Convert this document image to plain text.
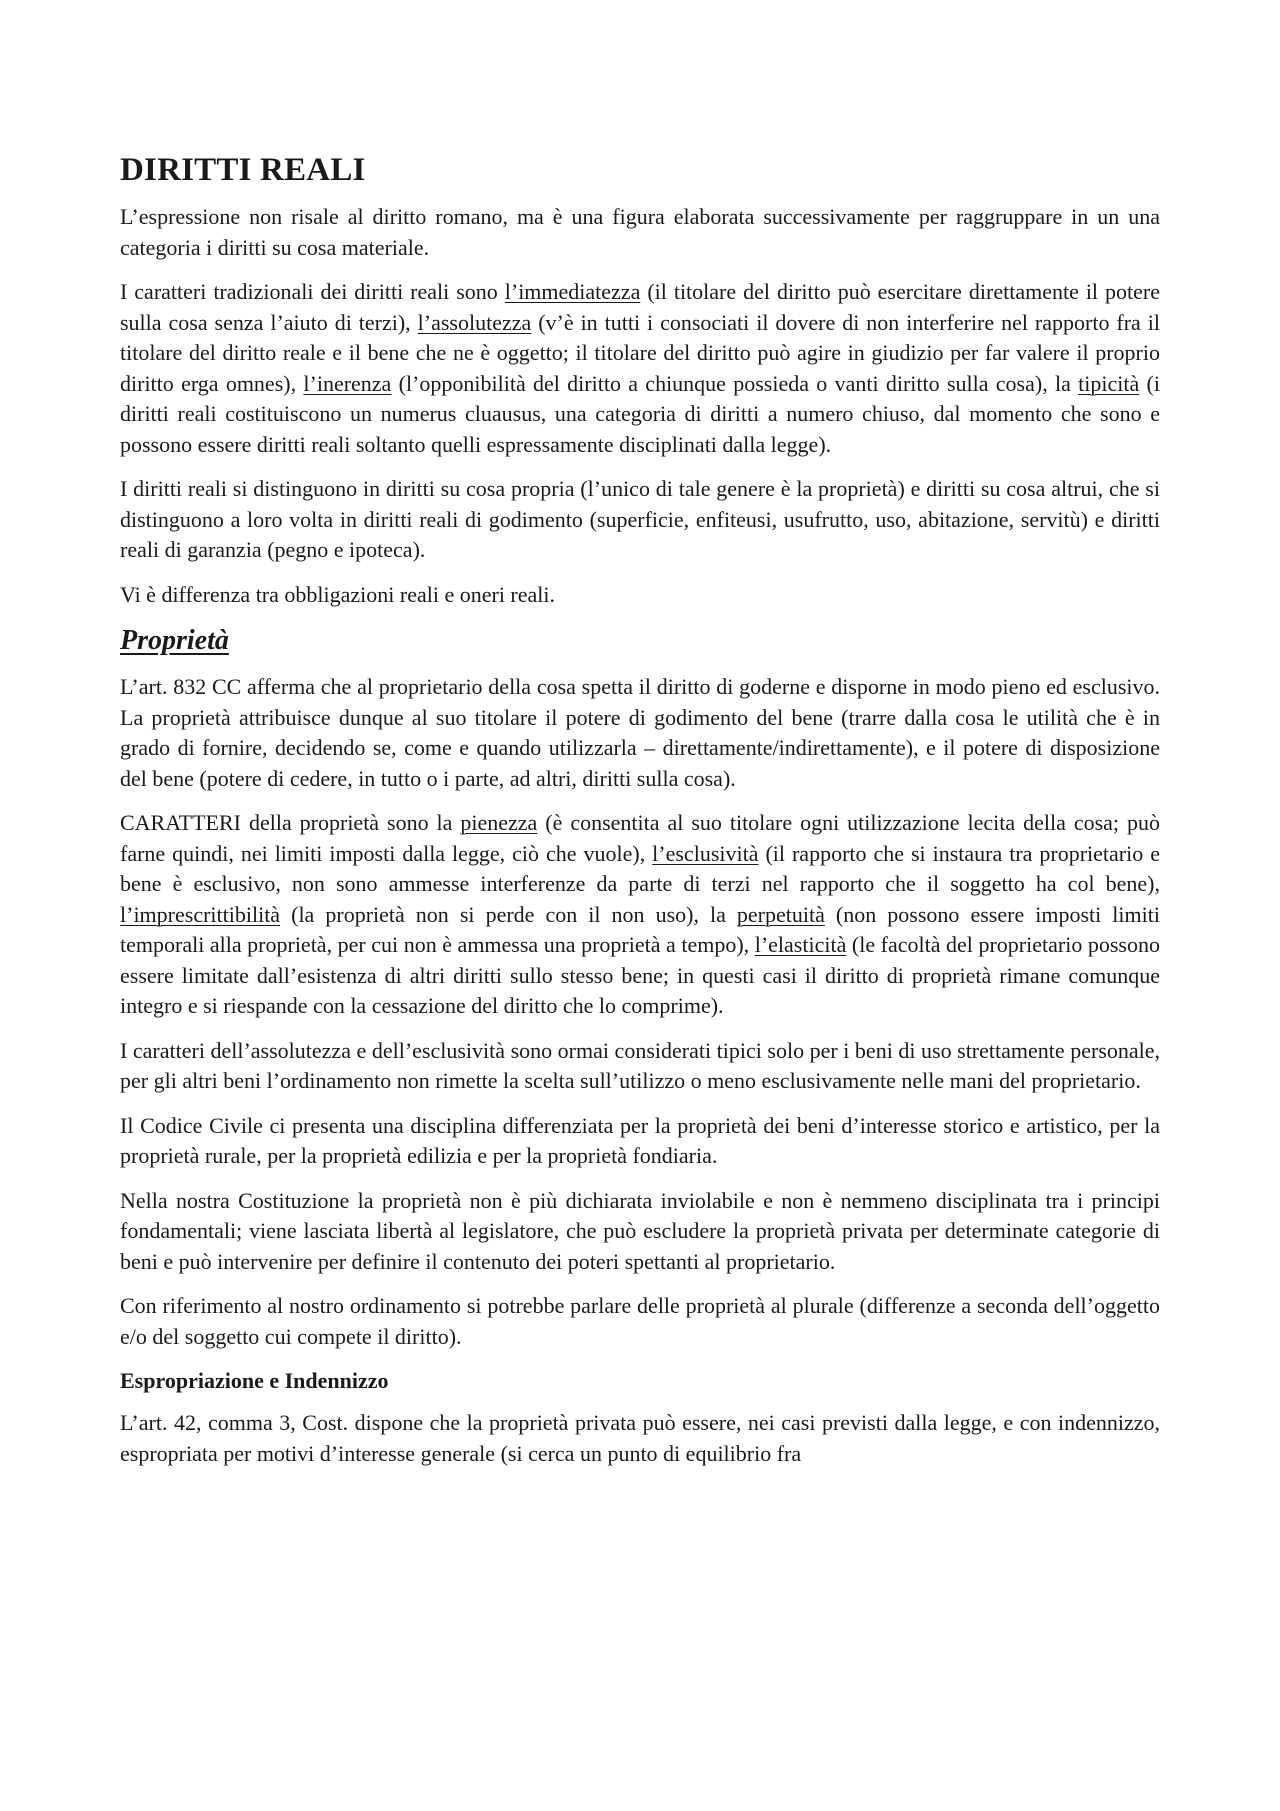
DIRITTI REALI

L’espressione non risale al diritto romano, ma è una figura elaborata successivamente per raggruppare in un una categoria i diritti su cosa materiale.

I caratteri tradizionali dei diritti reali sono l’immediatezza (il titolare del diritto può esercitare direttamente il potere sulla cosa senza l’aiuto di terzi), l’assolutezza (v’è in tutti i consociati il dovere di non interferire nel rapporto fra il titolare del diritto reale e il bene che ne è oggetto; il titolare del diritto può agire in giudizio per far valere il proprio diritto erga omnes), l’inerenza (l’opponibilità del diritto a chiunque possieda o vanti diritto sulla cosa), la tipicità (i diritti reali costituiscono un numerus cluausus, una categoria di diritti a numero chiuso, dal momento che sono e possono essere diritti reali soltanto quelli espressamente disciplinati dalla legge).

I diritti reali si distinguono in diritti su cosa propria (l’unico di tale genere è la proprietà) e diritti su cosa altrui, che si distinguono a loro volta in diritti reali di godimento (superficie, enfiteusi, usufrutto, uso, abitazione, servitù) e diritti reali di garanzia (pegno e ipoteca).

Vi è differenza tra obbligazioni reali e oneri reali.

Proprietà

L’art. 832 CC afferma che al proprietario della cosa spetta il diritto di goderne e disporne in modo pieno ed esclusivo. La proprietà attribuisce dunque al suo titolare il potere di godimento del bene (trarre dalla cosa le utilità che è in grado di fornire, decidendo se, come e quando utilizzarla – direttamente/indirettamente), e il potere di disposizione del bene (potere di cedere, in tutto o i parte, ad altri, diritti sulla cosa).

CARATTERI della proprietà sono la pienezza (è consentita al suo titolare ogni utilizzazione lecita della cosa; può farne quindi, nei limiti imposti dalla legge, ciò che vuole), l’esclusività (il rapporto che si instaura tra proprietario e bene è esclusivo, non sono ammesse interferenze da parte di terzi nel rapporto che il soggetto ha col bene), l’imprescrittibilità (la proprietà non si perde con il non uso), la perpetuità (non possono essere imposti limiti temporali alla proprietà, per cui non è ammessa una proprietà a tempo), l’elasticità (le facoltà del proprietario possono essere limitate dall’esistenza di altri diritti sullo stesso bene; in questi casi il diritto di proprietà rimane comunque integro e si riespande con la cessazione del diritto che lo comprime).

I caratteri dell’assolutezza e dell’esclusività sono ormai considerati tipici solo per i beni di uso strettamente personale, per gli altri beni l’ordinamento non rimette la scelta sull’utilizzo o meno esclusivamente nelle mani del proprietario.

Il Codice Civile ci presenta una disciplina differenziata per la proprietà dei beni d’interesse storico e artistico, per la proprietà rurale, per la proprietà edilizia e per la proprietà fondiaria.

Nella nostra Costituzione la proprietà non è più dichiarata inviolabile e non è nemmeno disciplinata tra i principi fondamentali; viene lasciata libertà al legislatore, che può escludere la proprietà privata per determinate categorie di beni e può intervenire per definire il contenuto dei poteri spettanti al proprietario.

Con riferimento al nostro ordinamento si potrebbe parlare delle proprietà al plurale (differenze a seconda dell’oggetto e/o del soggetto cui compete il diritto).

Espropriazione e Indennizzo

L’art. 42, comma 3, Cost. dispone che la proprietà privata può essere, nei casi previsti dalla legge, e con indennizzo, espropriata per motivi d’interesse generale (si cerca un punto di equilibrio fra
